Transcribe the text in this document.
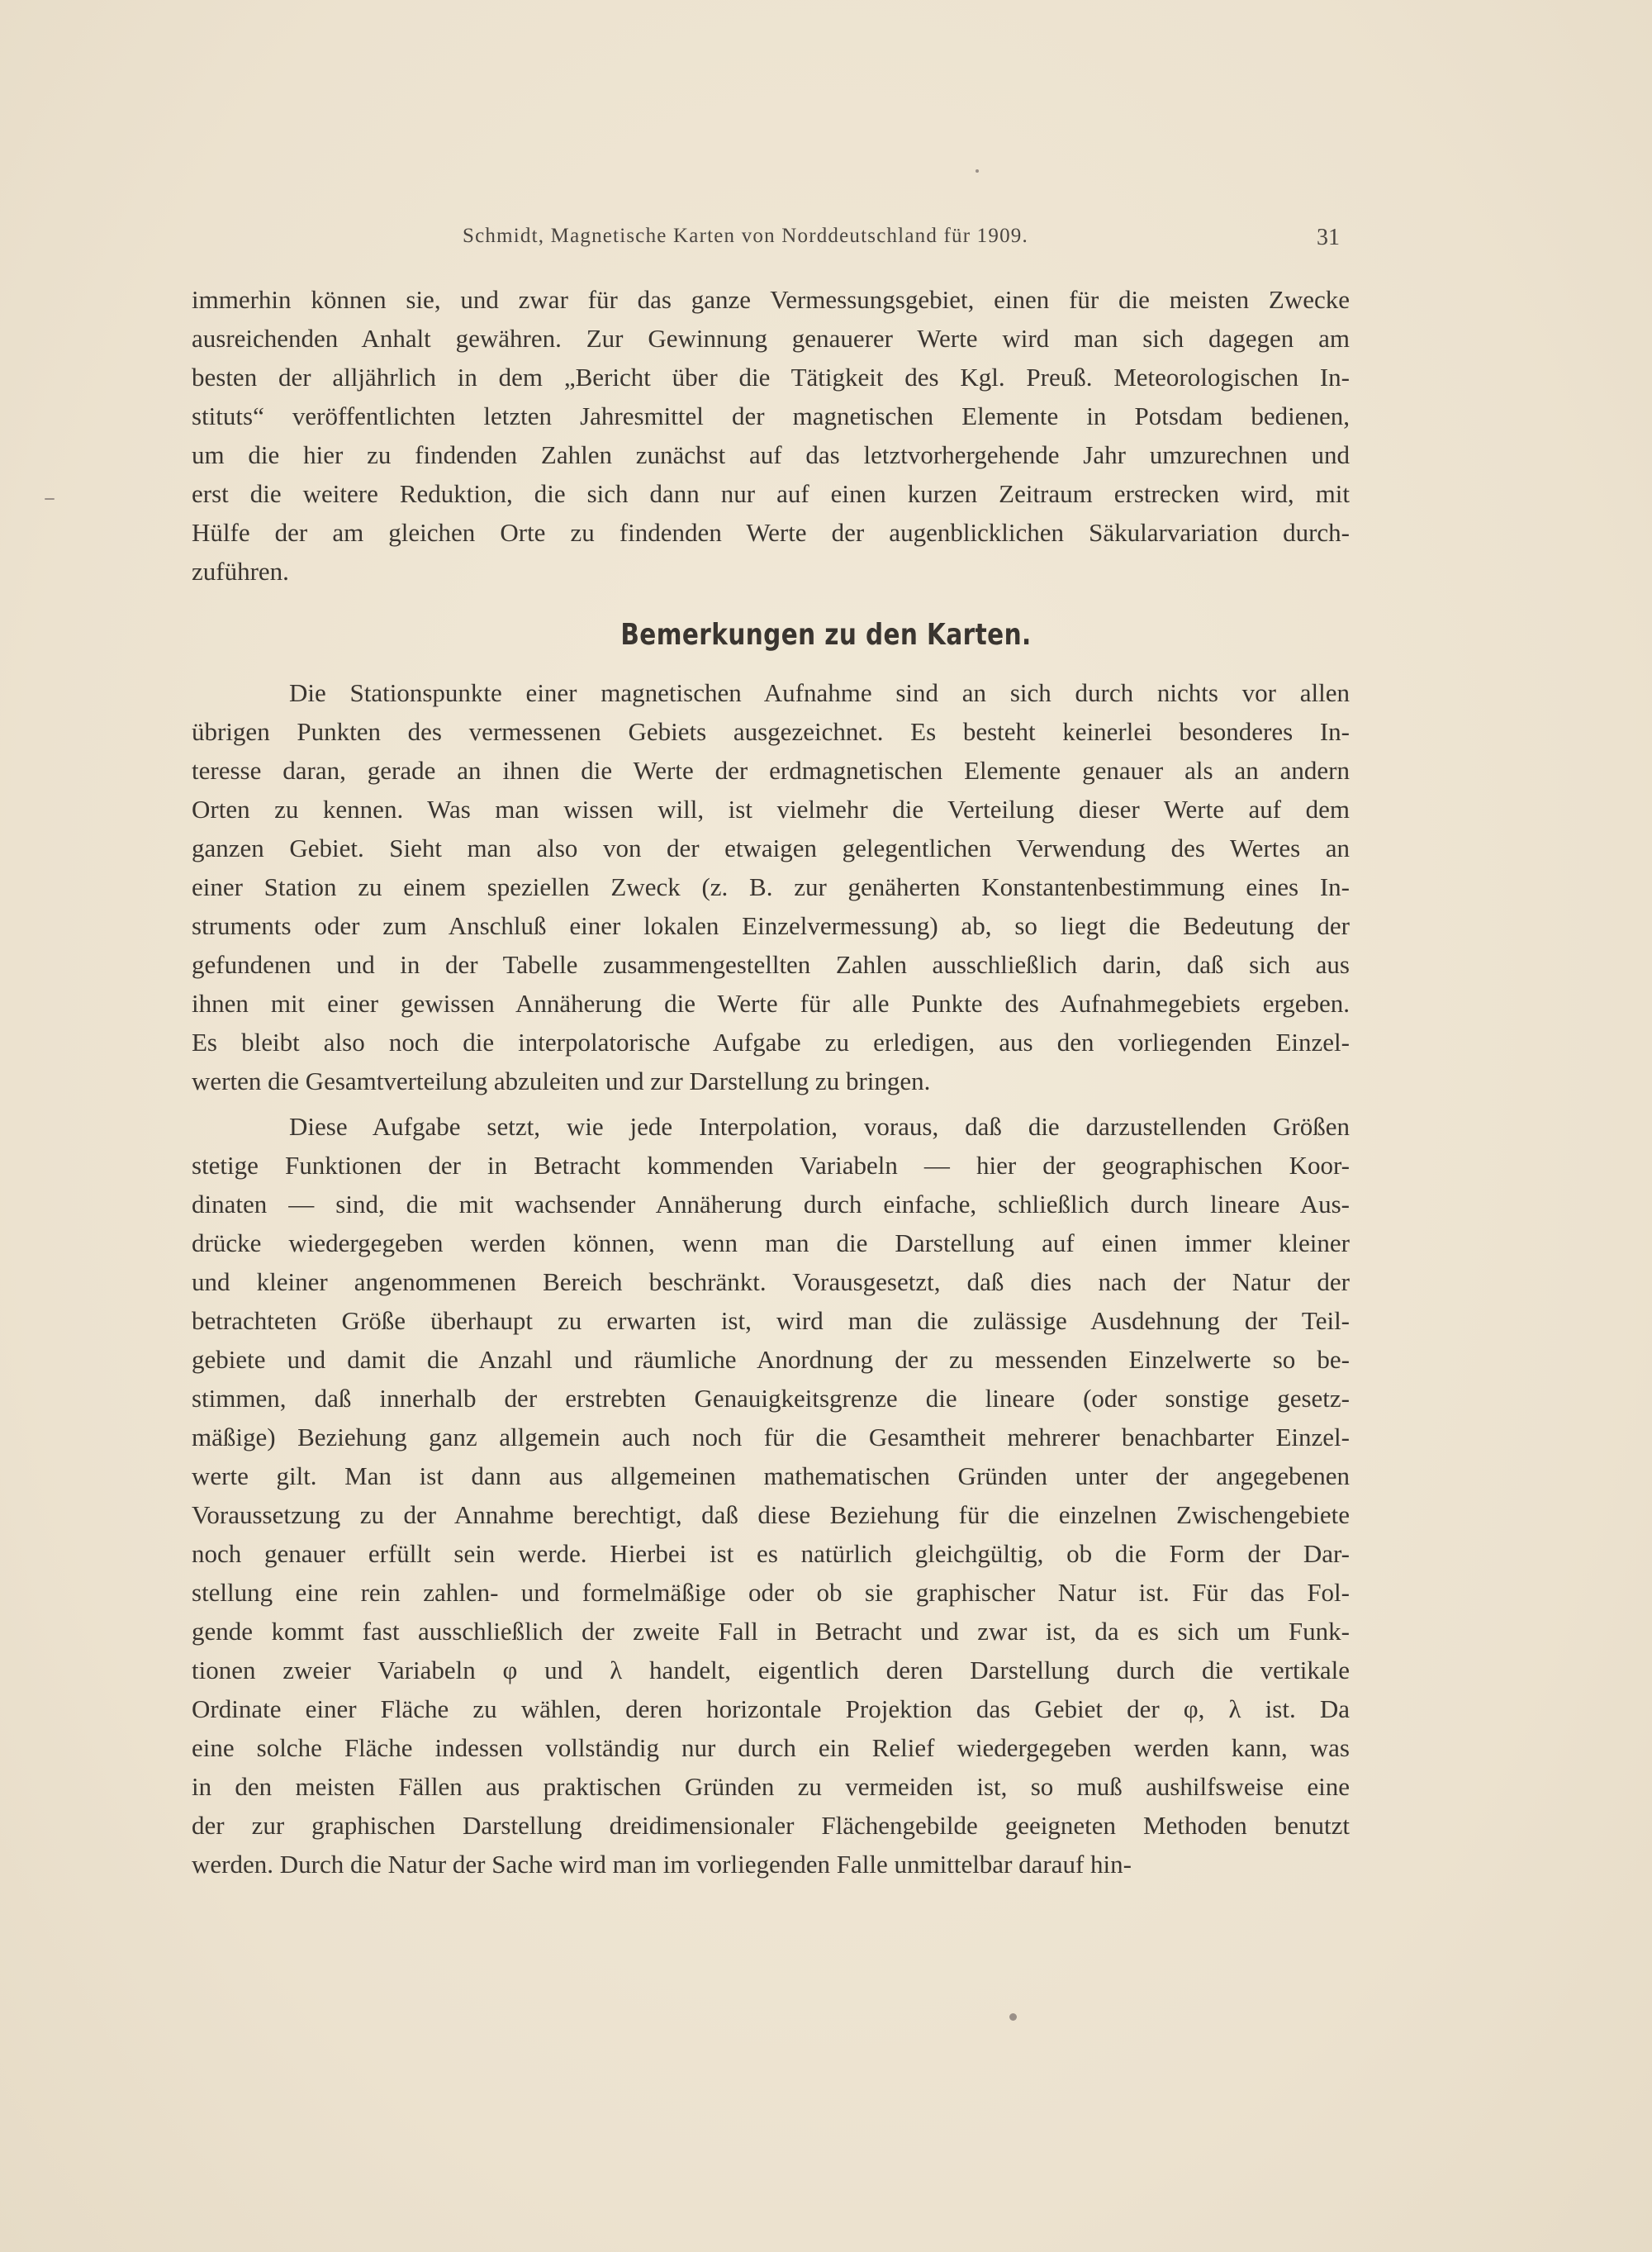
Schmidt, Magnetische Karten von Norddeutschland für 1909.	31
immerhin können sie, und zwar für das ganze Vermessungsgebiet, einen für die meisten Zwecke
ausreichenden Anhalt gewähren. Zur Gewinnung genauerer Werte wird man sich dagegen am
besten der alljährlich in dem „Bericht über die Tätigkeit des Kgl. Preuß. Meteorologischen In-
stituts“ veröffentlichten letzten Jahresmittel der magnetischen Elemente in Potsdam bedienen,
um die hier zu findenden Zahlen zunächst auf das letztvorhergehende Jahr umzurechnen und
erst die weitere Reduktion, die sich dann nur auf einen kurzen Zeitraum erstrecken wird, mit
Hülfe der am gleichen Orte zu findenden Werte der augenblicklichen Säkularvariation durch-
zuführen.
Bemerkungen zu den Karten.
Die Stationspunkte einer magnetischen Aufnahme sind an sich durch nichts vor allen
übrigen Punkten des vermessenen Gebiets ausgezeichnet. Es besteht keinerlei besonderes In-
teresse daran, gerade an ihnen die Werte der erdmagnetischen Elemente genauer als an andern
Orten zu kennen. Was man wissen will, ist vielmehr die Verteilung dieser Werte auf dem
ganzen Gebiet. Sieht man also von der etwaigen gelegentlichen Verwendung des Wertes an
einer Station zu einem speziellen Zweck (z. B. zur genäherten Konstantenbestimmung eines In-
struments oder zum Anschluß einer lokalen Einzelvermessung) ab, so liegt die Bedeutung der
gefundenen und in der Tabelle zusammengestellten Zahlen ausschließlich darin, daß sich aus
ihnen mit einer gewissen Annäherung die Werte für alle Punkte des Aufnahmegebiets ergeben.
Es bleibt also noch die interpolatorische Aufgabe zu erledigen, aus den vorliegenden Einzel-
werten die Gesamtverteilung abzuleiten und zur Darstellung zu bringen.
Diese Aufgabe setzt, wie jede Interpolation, voraus, daß die darzustellenden Größen
stetige Funktionen der in Betracht kommenden Variabeln — hier der geographischen Koor-
dinaten — sind, die mit wachsender Annäherung durch einfache, schließlich durch lineare Aus-
drücke wiedergegeben werden können, wenn man die Darstellung auf einen immer kleiner
und kleiner angenommenen Bereich beschränkt. Vorausgesetzt, daß dies nach der Natur der
betrachteten Größe überhaupt zu erwarten ist, wird man die zulässige Ausdehnung der Teil-
gebiete und damit die Anzahl und räumliche Anordnung der zu messenden Einzelwerte so be-
stimmen, daß innerhalb der erstrebten Genauigkeitsgrenze die lineare (oder sonstige gesetz-
mäßige) Beziehung ganz allgemein auch noch für die Gesamtheit mehrerer benachbarter Einzel-
werte gilt. Man ist dann aus allgemeinen mathematischen Gründen unter der angegebenen
Voraussetzung zu der Annahme berechtigt, daß diese Beziehung für die einzelnen Zwischengebiete
noch genauer erfüllt sein werde. Hierbei ist es natürlich gleichgültig, ob die Form der Dar-
stellung eine rein zahlen- und formelmäßige oder ob sie graphischer Natur ist. Für das Fol-
gende kommt fast ausschließlich der zweite Fall in Betracht und zwar ist, da es sich um Funk-
tionen zweier Variabeln φ und λ handelt, eigentlich deren Darstellung durch die vertikale
Ordinate einer Fläche zu wählen, deren horizontale Projektion das Gebiet der φ, λ ist. Da
eine solche Fläche indessen vollständig nur durch ein Relief wiedergegeben werden kann, was
in den meisten Fällen aus praktischen Gründen zu vermeiden ist, so muß aushilfsweise eine
der zur graphischen Darstellung dreidimensionaler Flächengebilde geeigneten Methoden benutzt
werden. Durch die Natur der Sache wird man im vorliegenden Falle unmittelbar darauf hin-
